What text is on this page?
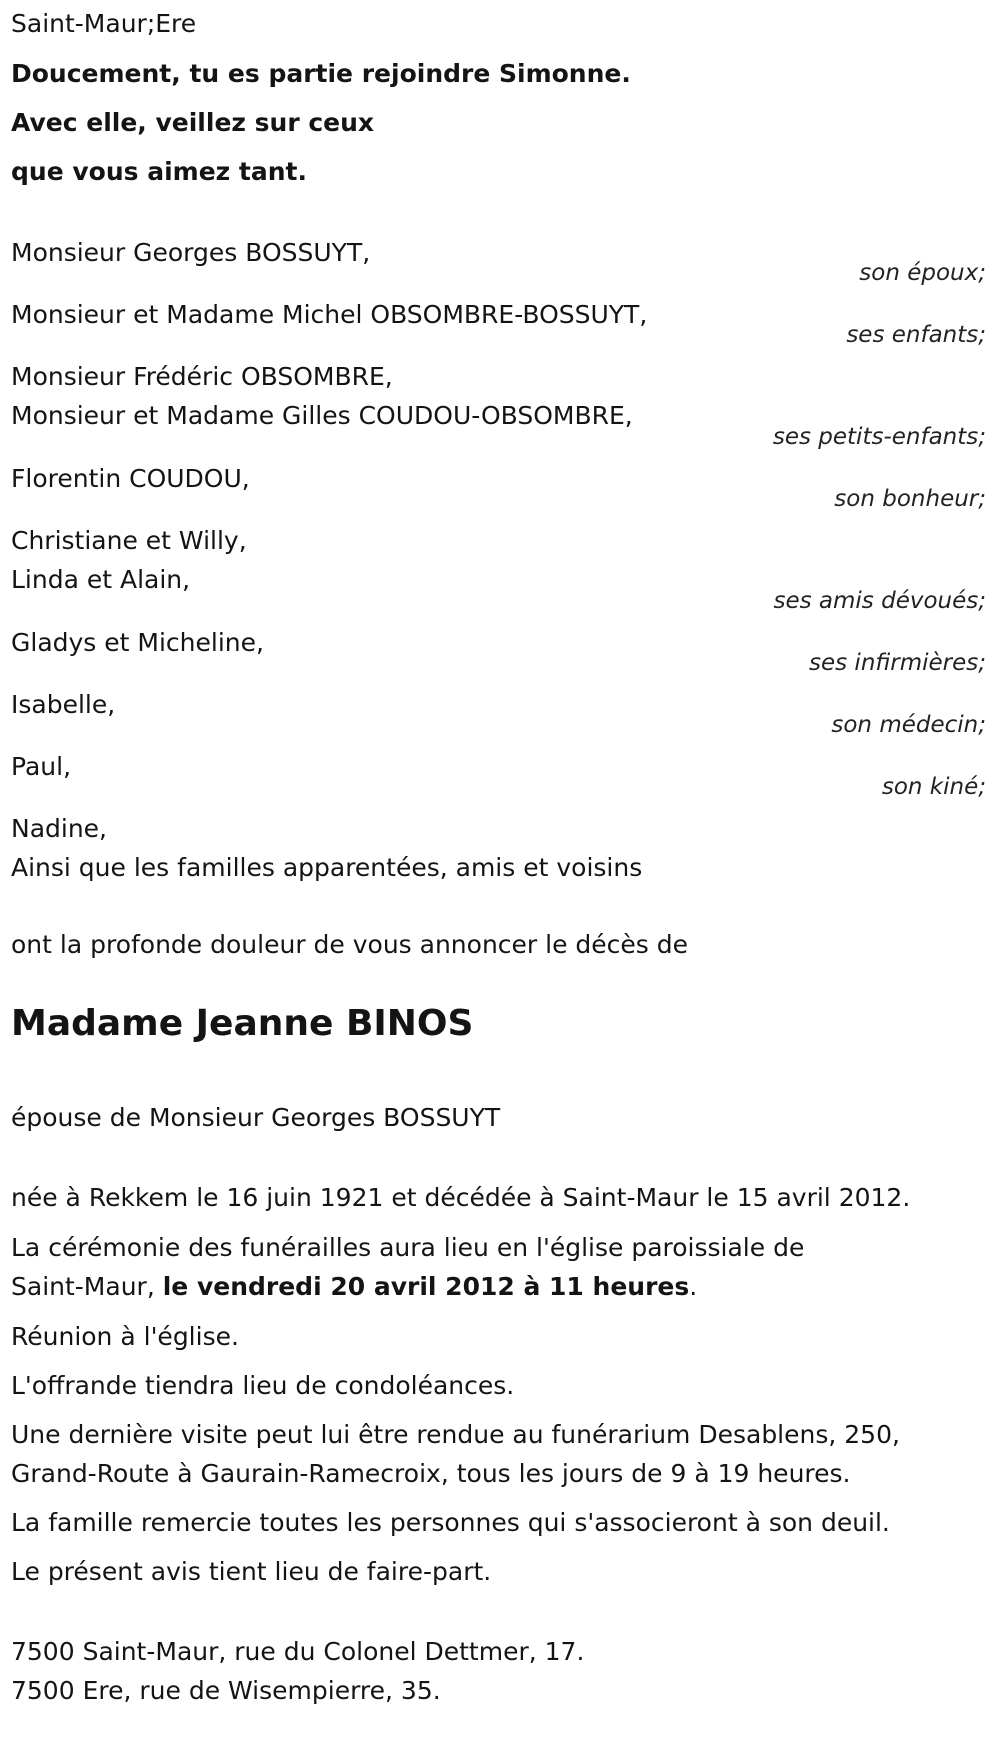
Saint-Maur;Ere
Doucement, tu es partie rejoindre Simonne.
Avec elle, veillez sur ceux
que vous aimez tant.
Monsieur Georges BOSSUYT,
son époux;
Monsieur et Madame Michel OBSOMBRE-BOSSUYT,
ses enfants;
Monsieur Frédéric OBSOMBRE,
Monsieur et Madame Gilles COUDOU-OBSOMBRE,
ses petits-enfants;
Florentin COUDOU,
son bonheur;
Christiane et Willy,
Linda et Alain,
ses amis dévoués;
Gladys et Micheline,
ses infirmières;
Isabelle,
son médecin;
Paul,
son kiné;
Nadine,
Ainsi que les familles apparentées, amis et voisins
ont la profonde douleur de vous annoncer le décès de
Madame Jeanne BINOS
épouse de Monsieur Georges BOSSUYT
née à Rekkem le 16 juin 1921 et décédée à Saint-Maur le 15 avril 2012.
La cérémonie des funérailles aura lieu en l'église paroissiale de
Saint-Maur, le vendredi 20 avril 2012 à 11 heures.
Réunion à l'église.
L'offrande tiendra lieu de condoléances.
Une dernière visite peut lui être rendue au funérarium Desablens, 250,
Grand-Route à Gaurain-Ramecroix, tous les jours de 9 à 19 heures.
La famille remercie toutes les personnes qui s'associeront à son deuil.
Le présent avis tient lieu de faire-part.
7500 Saint-Maur, rue du Colonel Dettmer, 17.
7500 Ere, rue de Wisempierre, 35.
